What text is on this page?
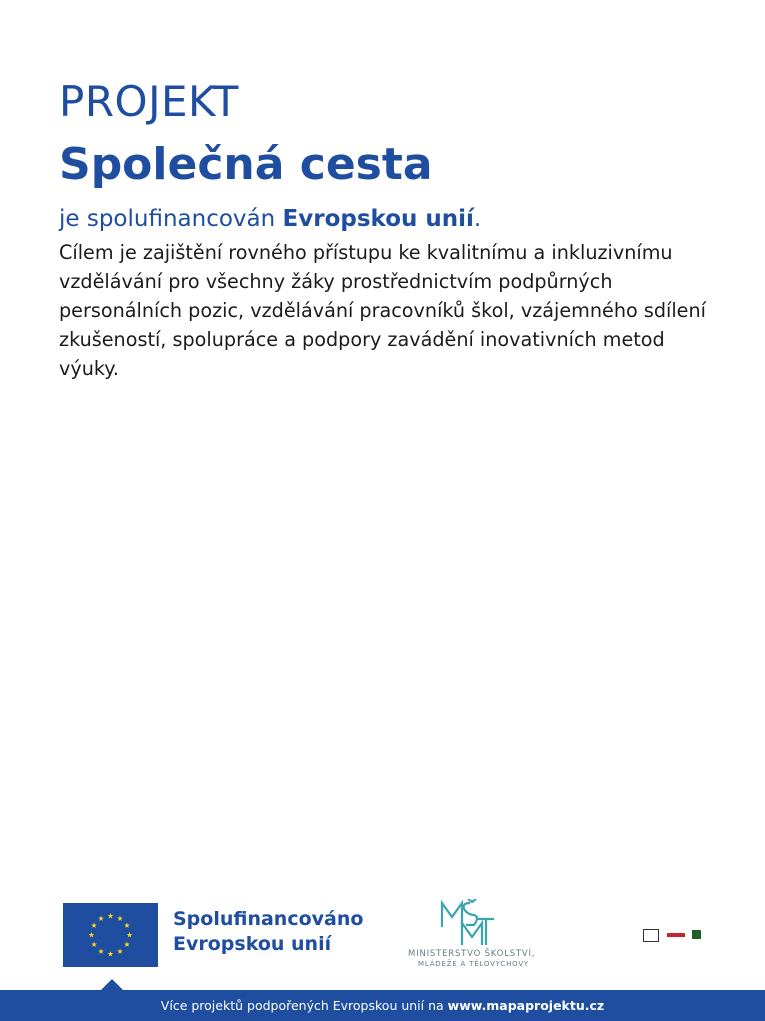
PROJEKT
Společná cesta

je spolufinancován Evropskou unií.

Cílem je zajištění rovného přístupu ke kvalitnímu a inkluzivnímu vzdělávání pro všechny žáky prostřednictvím podpůrných personálních pozic, vzdělávání pracovníků škol, vzájemného sdílení zkušeností, spolupráce a podpory zavádění inovativních metod výuky.

Spolufinancováno
Evropskou unií	MINISTERSTVO ŠKOLSTVÍ,
MLÁDEŽE A TĚLOVÝCHOVY
Více projektů podpořených Evropskou unií na www.mapaprojektu.cz
